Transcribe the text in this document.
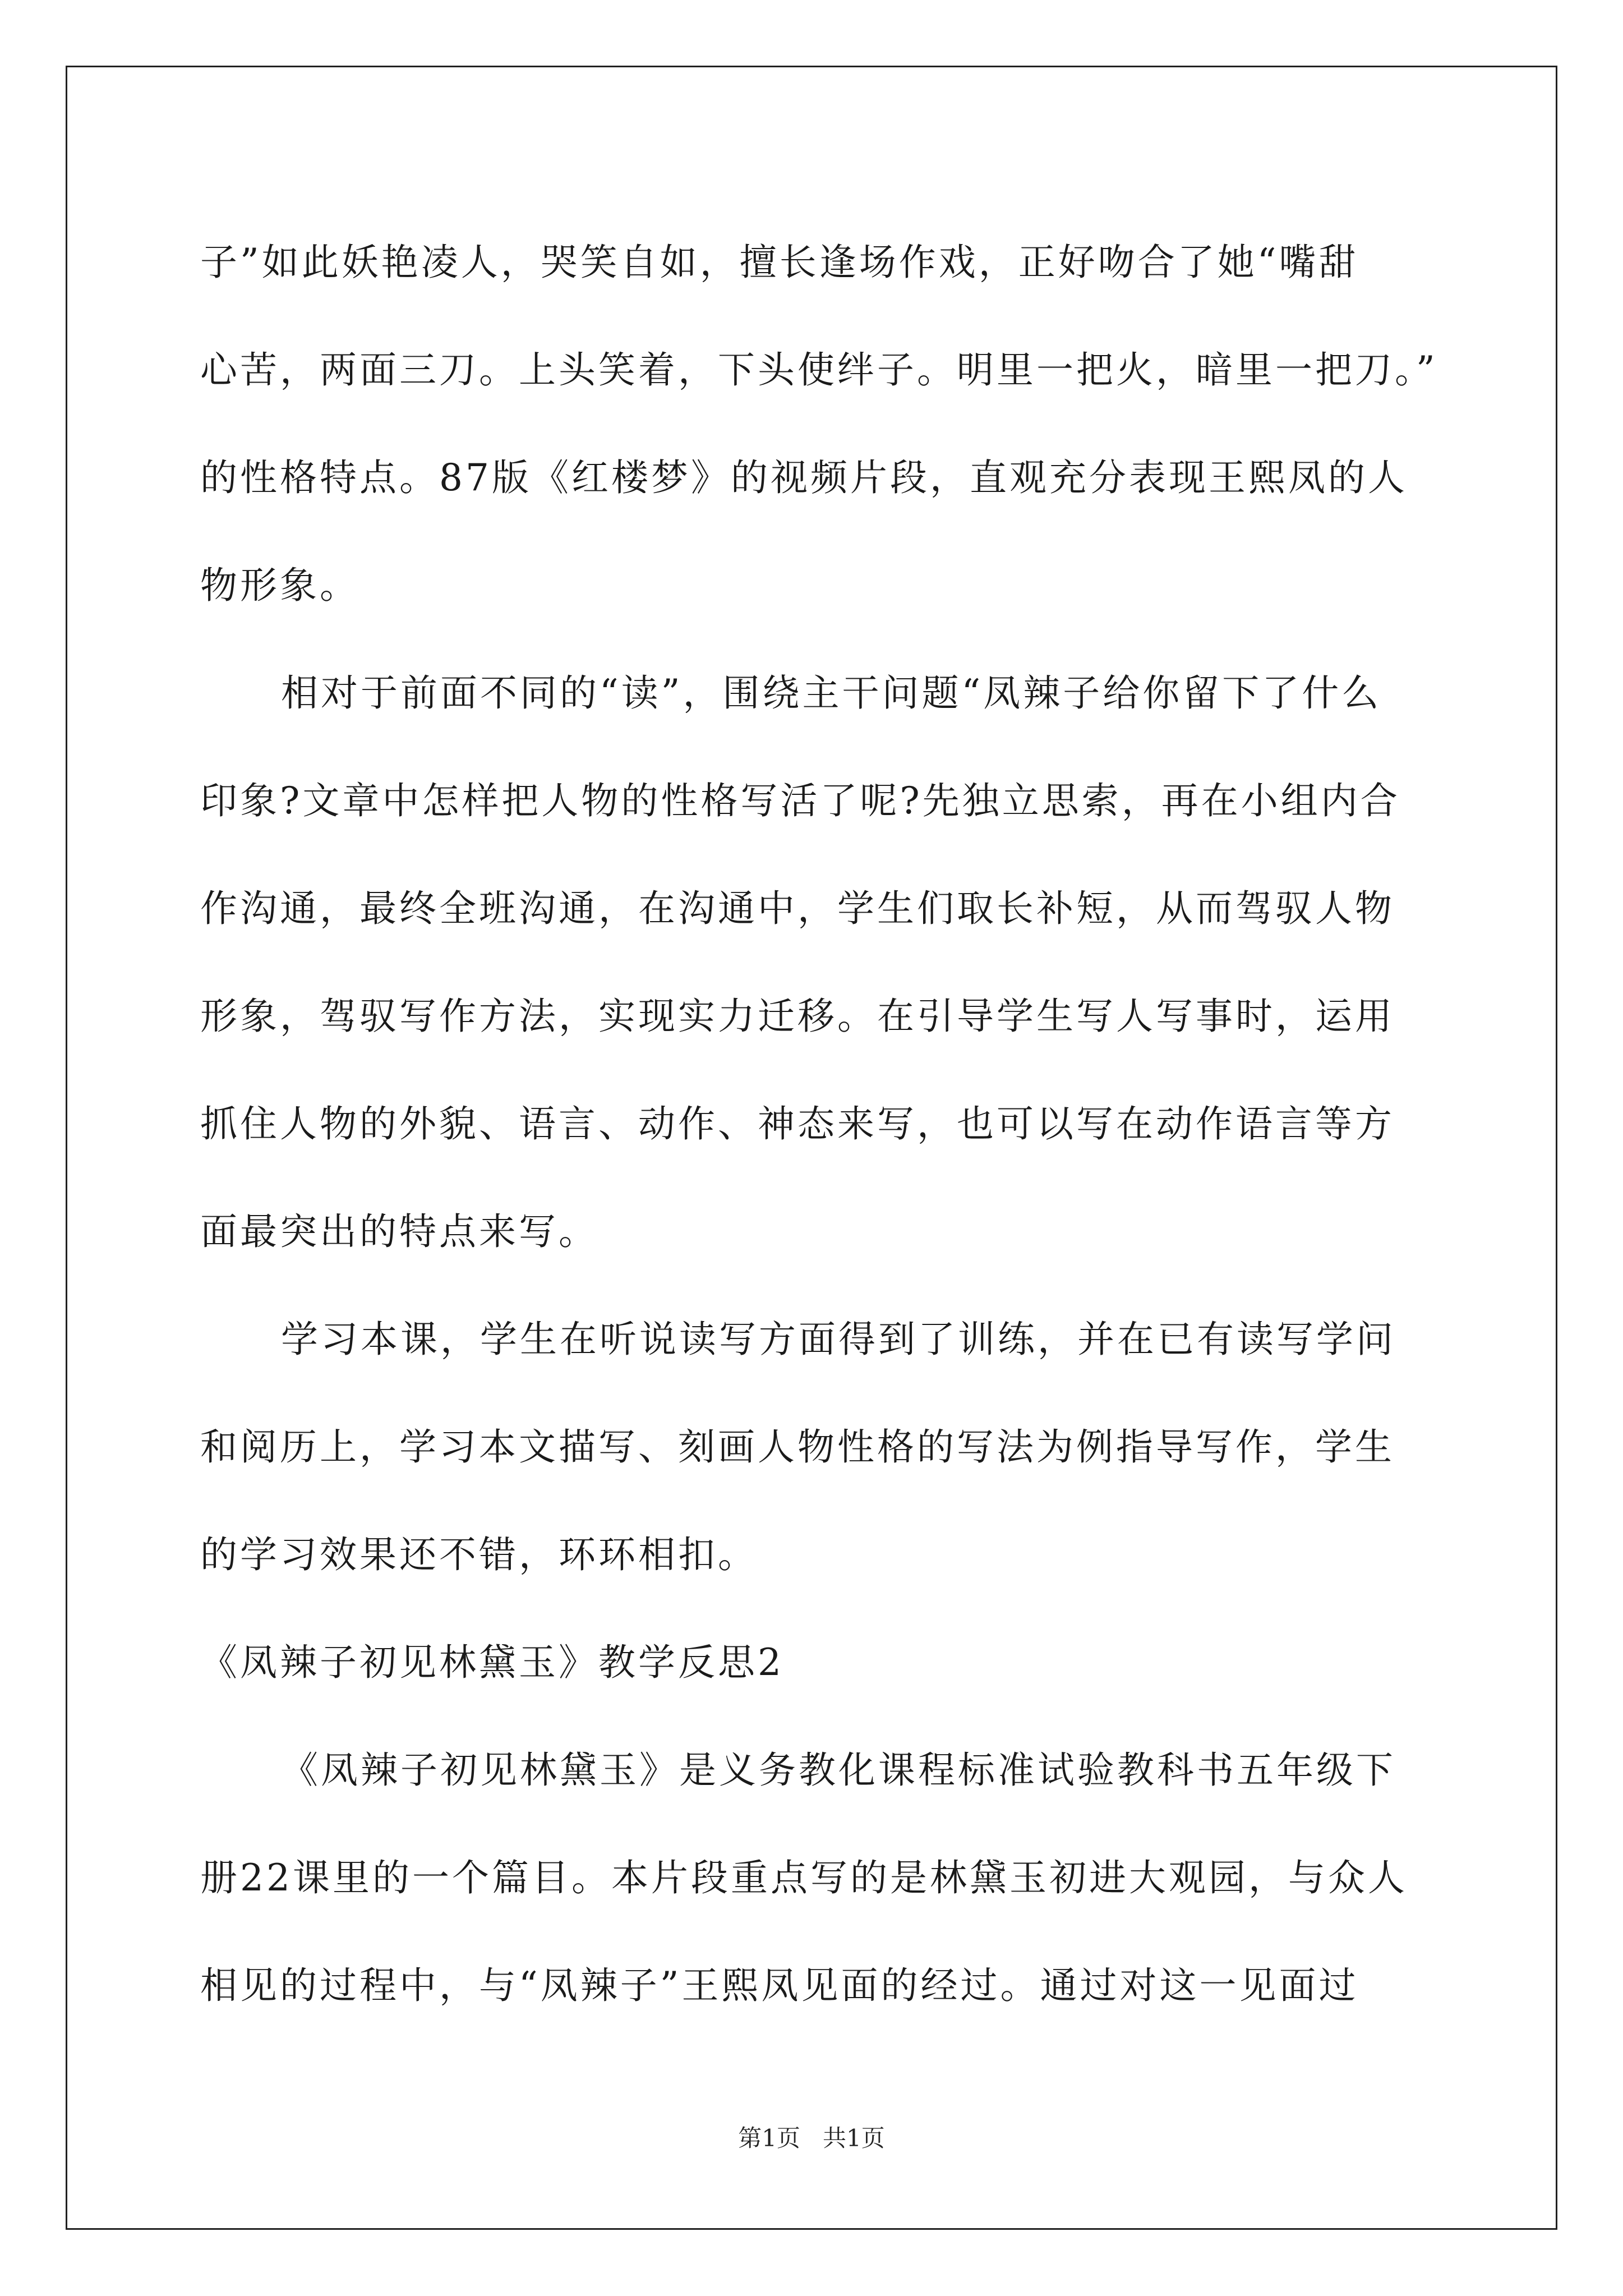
子”如此妖艳凌人，哭笑自如，擅长逢场作戏，正好吻合了她“嘴甜

心苦，两面三刀。上头笑着，下头使绊子。明里一把火，暗里一把刀。”

的性格特点。87版《红楼梦》的视频片段，直观充分表现王熙凤的人

物形象。

相对于前面不同的“读”，围绕主干问题“凤辣子给你留下了什么

印象?文章中怎样把人物的性格写活了呢?先独立思索，再在小组内合

作沟通，最终全班沟通，在沟通中，学生们取长补短，从而驾驭人物

形象，驾驭写作方法，实现实力迁移。在引导学生写人写事时，运用

抓住人物的外貌、语言、动作、神态来写，也可以写在动作语言等方

面最突出的特点来写。

学习本课，学生在听说读写方面得到了训练，并在已有读写学问

和阅历上，学习本文描写、刻画人物性格的写法为例指导写作，学生

的学习效果还不错，环环相扣。

《凤辣子初见林黛玉》教学反思2

《凤辣子初见林黛玉》是义务教化课程标准试验教科书五年级下

册22课里的一个篇目。本片段重点写的是林黛玉初进大观园，与众人

相见的过程中，与“凤辣子”王熙凤见面的经过。通过对这一见面过

第1页 共1页
